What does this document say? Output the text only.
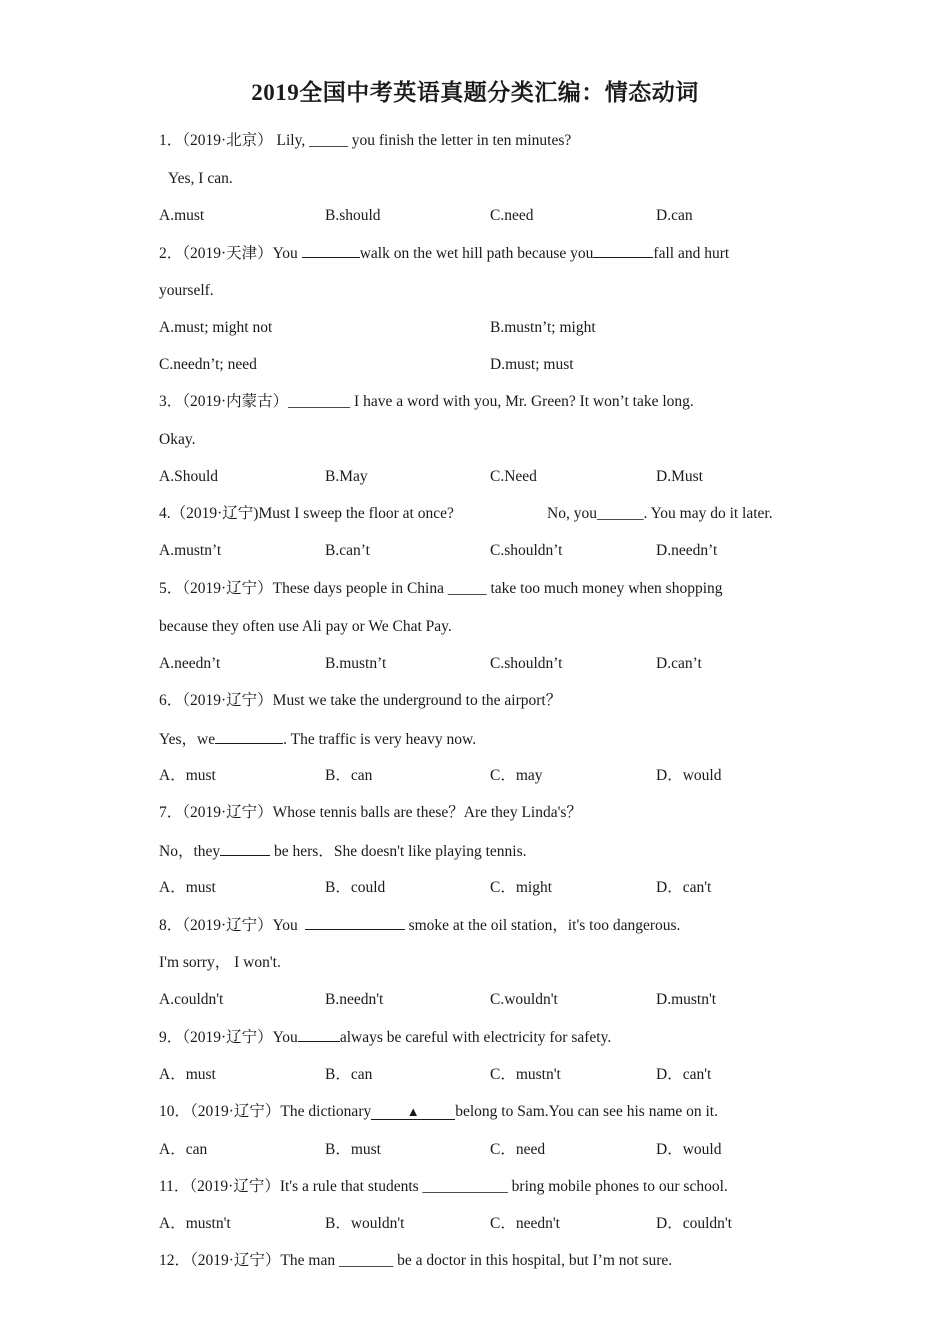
2019全国中考英语真题分类汇编：情态动词
1．（2019·北京） Lily, _____ you finish the letter in ten minutes?
Yes, I can.
A.must	B.should	C.need	D.can
2．（2019·天津）You	walk on the wet hill path because you	fall and hurt
yourself.
A.must; might not	B.mustn’t; might
C.needn’t; need	D.must; must
3．（2019·内蒙古）________ I have a word with you, Mr. Green? It won’t take long.
Okay.
A.Should	B.May	C.Need	D.Must
4.（2019·辽宁)Must I sweep the floor at once?	No, you______. You may do it later.
A.mustn’t	B.can’t	C.shouldn’t	D.needn’t
5．（2019·辽宁）These days people in China _____ take too much money when shopping
because they often use Ali pay or We Chat Pay.
A.needn’t	B.mustn’t	C.shouldn’t	D.can’t
6．（2019·辽宁）Must we take the underground to the airport？
Yes，we	. The traffic is very heavy now.
A．must	B．can	C．may	D．would
7．（2019·辽宁）Whose tennis balls are these？Are they Linda's？
No，they	be hers．She doesn't like playing tennis.
A．must	B．could	C．might	D．can't
8．（2019·辽宁）You	smoke at the oil station，it's too dangerous.
I'm sorry， I won't.
A.couldn't	B.needn't	C.wouldn't	D.mustn't
9．（2019·辽宁）You	always be careful with electricity for safety.
A．must	B．can	C．mustn't	D．can't
10．（2019·辽宁）The dictionary	▲ belong to Sam.You can see his name on it.
A．can	B．must	C．need	D．would
11．（2019·辽宁）It's a rule that students ___________ bring mobile phones to our school.
A．mustn't	B．wouldn't	C．needn't	D．couldn't
12．（2019·辽宁）The man _______ be a doctor in this hospital, but I’m not sure.
